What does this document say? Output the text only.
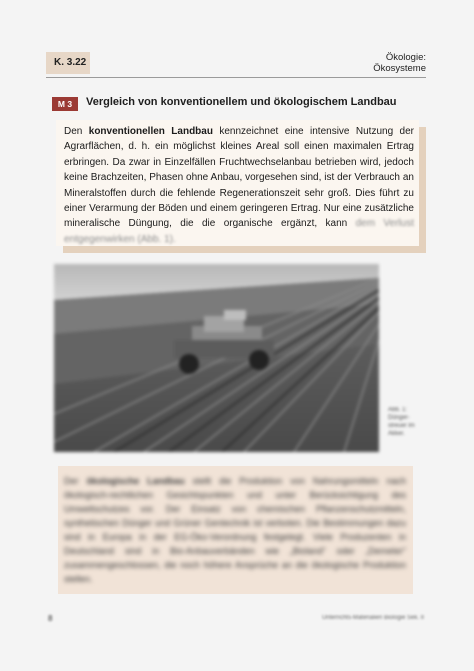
K. 3.22	Ökologie:
Ökosysteme
M 3	Vergleich von konventionellem und ökologischem Landbau
Den konventionellen Landbau kennzeichnet eine intensive Nutzung der Agrarflächen, d. h. ein möglichst kleines Areal soll einen maximalen Ertrag erbringen. Da zwar in Einzelfällen Fruchtwechselanbau betrieben wird, jedoch keine Brachzeiten, Phasen ohne Anbau, vorgesehen sind, ist der Verbrauch an Mineralstoffen durch die fehlende Regenerationszeit sehr groß. Dies führt zu einer Verarmung der Böden und einem geringeren Ertrag. Nur eine zusätzliche mineralische Düngung, die die organische ergänzt, kann dem Verlust entgegenwirken (Abb. 1).
Abb. 1: Dünger-streuer im Akker.
Der ökologische Landbau stellt die Produktion von Nahrungsmitteln nach ökologisch-rechtlichen Gesichtspunkten und unter Berücksichtigung des Umweltschutzes vor. Der Einsatz von chemischen Pflanzenschutzmitteln, synthetischen Dünger und Grüner Gentechnik ist verboten. Die Bestimmungen dazu sind in Europa in der EG-Öko-Verordnung festgelegt. Viele Produzenten in Deutschland sind in Bio-Anbauverbänden wie „Bioland“ oder „Demeter“ zusammengeschlossen, die noch höhere Ansprüche an die ökologische Produktion stellen.
8	Unterrichts-Materialien Biologie Sek. II
